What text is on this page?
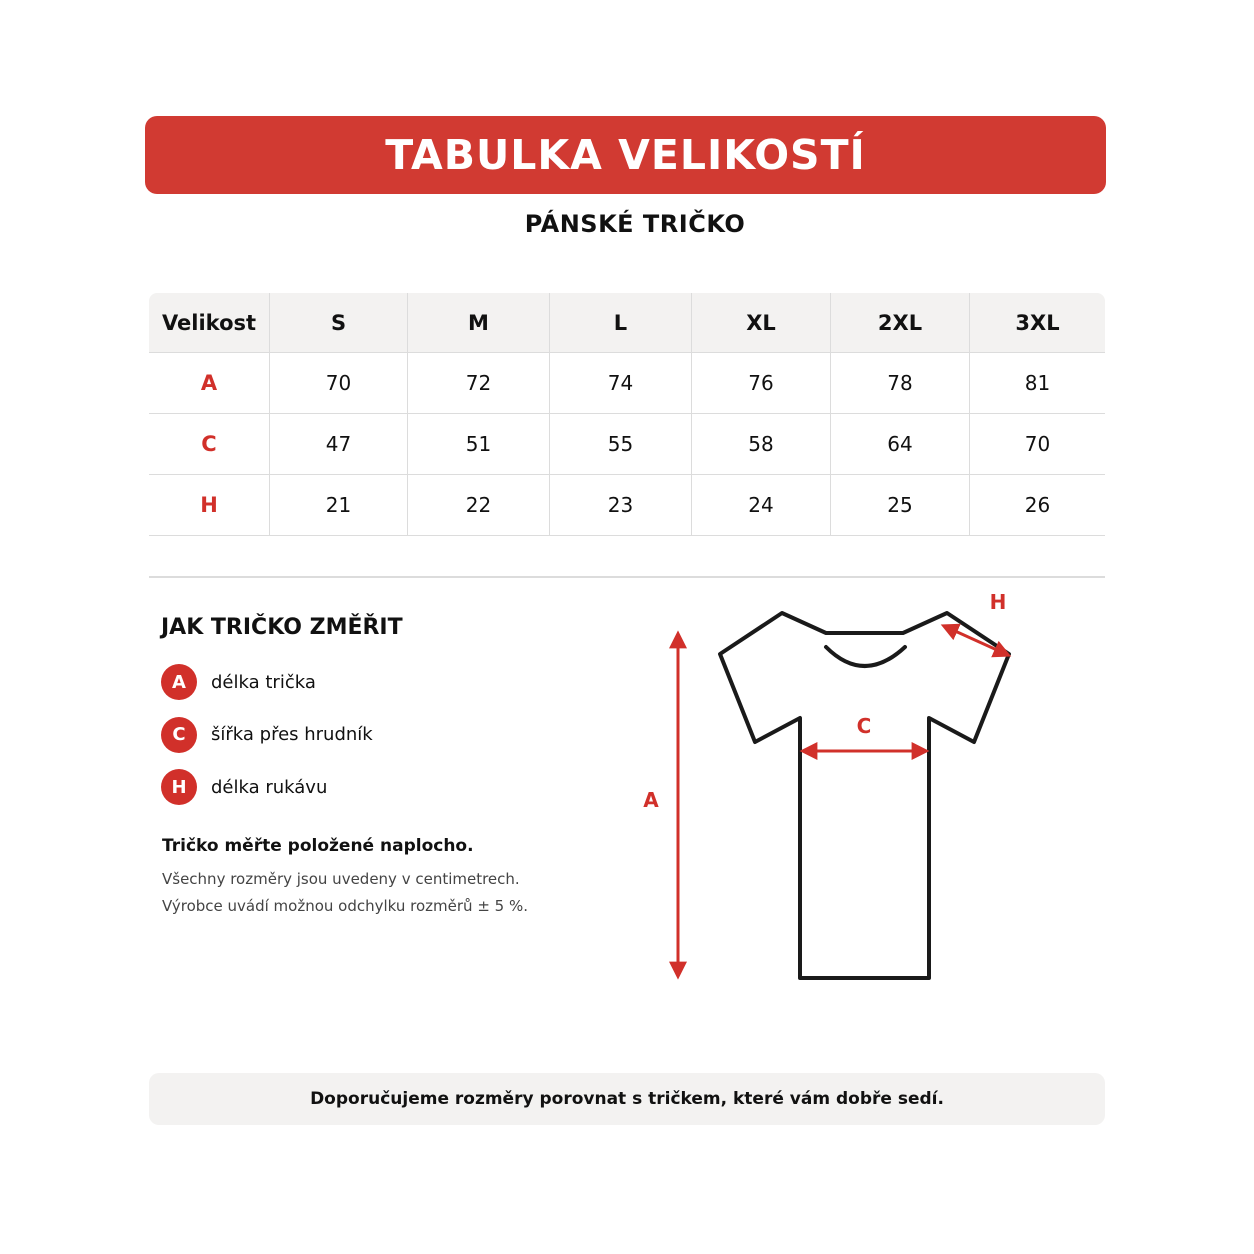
TABULKA VELIKOSTÍ
PÁNSKÉ TRIČKO
Velikost	S	M	L	XL	2XL	3XL
A	70	72	74	76	78	81
C	47	51	55	58	64	70
H	21	22	23	24	25	26
JAK TRIČKO ZMĚŘIT
A	délka trička
C	šířka přes hrudník
H	délka rukávu
Tričko měřte položené naplocho.
Všechny rozměry jsou uvedeny v centimetrech.
Výrobce uvádí možnou odchylku rozměrů ± 5 %.
A
C
H
Doporučujeme rozměry porovnat s tričkem, které vám dobře sedí.
